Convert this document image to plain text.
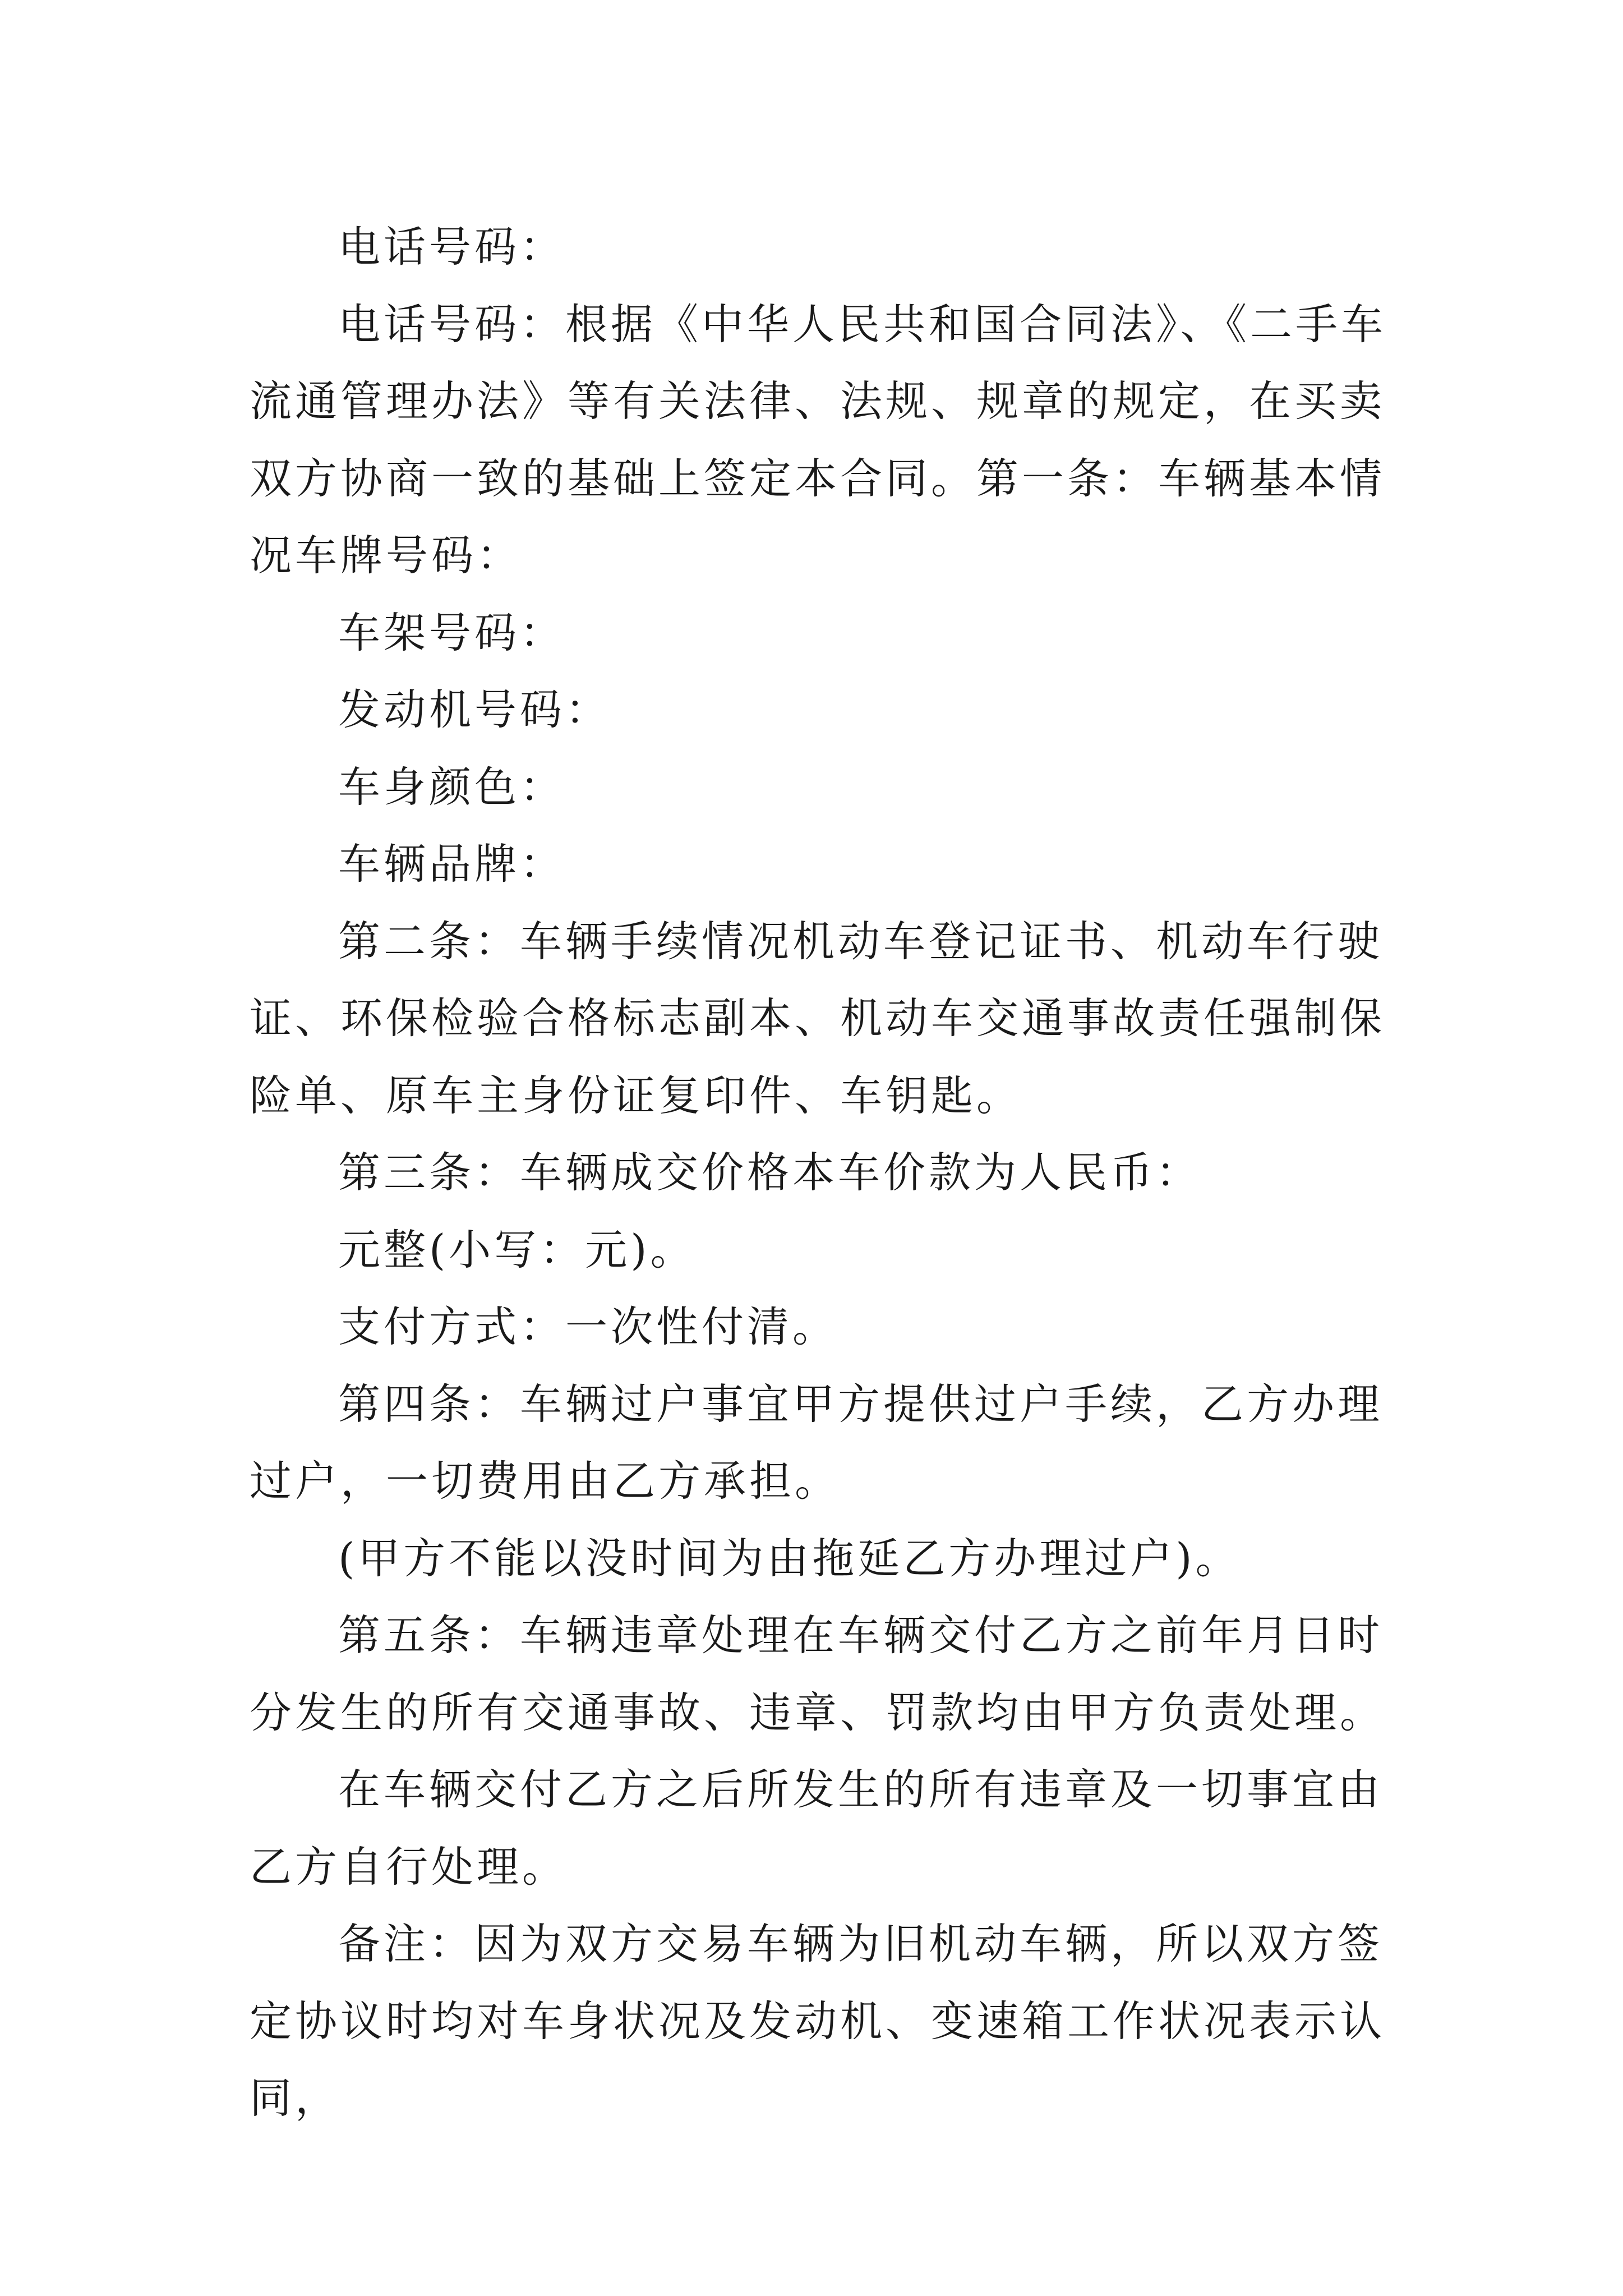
电话号码：

电话号码：根据《中华人民共和国合同法》、《二手车流通管理办法》等有关法律、法规、规章的规定，在买卖双方协商一致的基础上签定本合同。第一条：车辆基本情况车牌号码：

车架号码：

发动机号码：

车身颜色：

车辆品牌：

第二条：车辆手续情况机动车登记证书、机动车行驶证、环保检验合格标志副本、机动车交通事故责任强制保险单、原车主身份证复印件、车钥匙。

第三条：车辆成交价格本车价款为人民币：

元整(小写：元)。

支付方式：一次性付清。

第四条：车辆过户事宜甲方提供过户手续，乙方办理过户，一切费用由乙方承担。

(甲方不能以没时间为由拖延乙方办理过户)。

第五条：车辆违章处理在车辆交付乙方之前年月日时分发生的所有交通事故、违章、罚款均由甲方负责处理。

在车辆交付乙方之后所发生的所有违章及一切事宜由乙方自行处理。

备注：因为双方交易车辆为旧机动车辆，所以双方签定协议时均对车身状况及发动机、变速箱工作状况表示认同，
